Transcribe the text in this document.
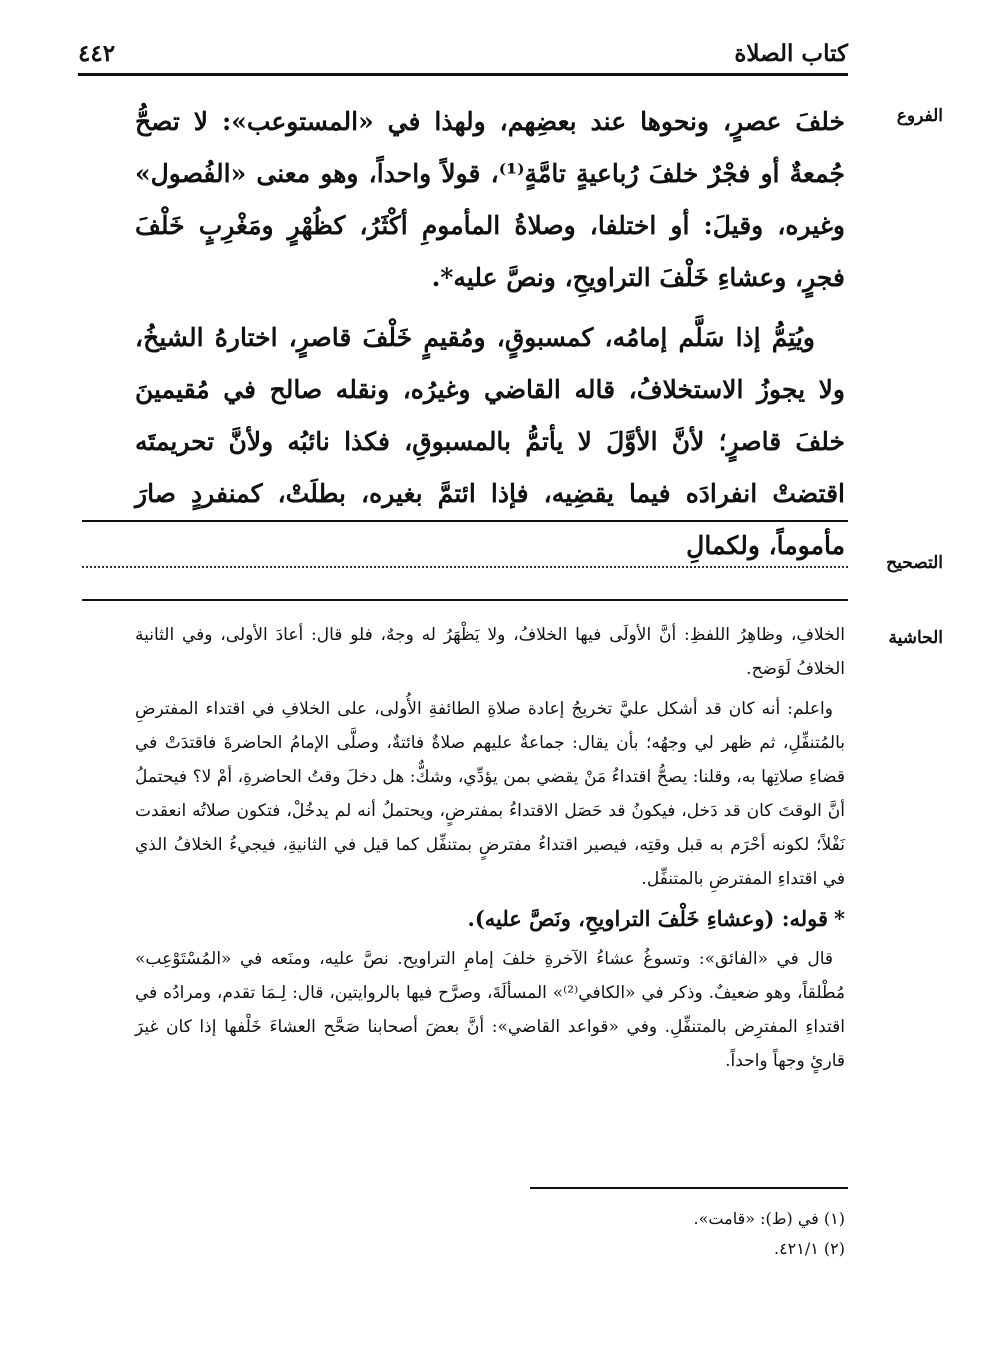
كتاب الصلاة
٤٤٢
الفروع
التصحيح
الحاشية

خلفَ عصرٍ، ونحوها عند بعضِهم، ولهذا في «المستوعب»: لا تصحُّ جُمعةٌ أو فجْرٌ خلفَ رُباعيةٍ تامَّةٍ⁽¹⁾، قولاً واحداً، وهو معنى «الفُصول» وغيره، وقيلَ: أو اختلفا، وصلاةُ المأمومِ أكْثَرُ، كظُهْرٍ ومَغْرِبٍ خَلْفَ فجرٍ، وعشاءِ خَلْفَ التراويحِ، ونصَّ عليه*.

ويُتِمُّ إذا سَلَّم إمامُه، كمسبوقٍ، ومُقيمٍ خَلْفَ قاصرٍ، اختارهُ الشيخُ، ولا يجوزُ الاستخلافُ، قاله القاضي وغيرُه، ونقله صالح في مُقيمينَ خلفَ قاصرٍ؛ لأنَّ الأوَّلَ لا يأتمُّ بالمسبوقِ، فكذا نائبُه ولأنَّ تحريمتَه اقتضتْ انفرادَه فيما يقضِيه، فإذا ائتمَّ بغيره، بطلَتْ، كمنفردٍ صارَ مأموماً، ولكمالِ

الخلافِ، وظاهِرُ اللفظِ: أنَّ الأولَى فيها الخلافُ، ولا يَظْهَرُ له وجهٌ، فلو قال: أعادَ الأولى، وفي الثانية الخلافُ لَوَضح.

واعلم: أنه كان قد أشكل عليَّ تخريجُ إعادة صلاةِ الطائفةِ الأُولى، على الخلافِ في اقتداء المفترضِ بالمُتنفِّلِ، ثم ظهر لي وجهُه؛ بأن يقال: جماعةٌ عليهم صلاةٌ فائتةٌ، وصلَّى الإمامُ الحاضرةَ فاقتدَتْ في قضاءِ صلاتِها به، وقلنا: يصحُّ اقتداءُ مَنْ يقضي بمن يؤدِّي، وشكٌّ: هل دخلَ وقتُ الحاضرةِ، أمْ لا؟ فيحتملُ أنَّ الوقتَ كان قد دَخل، فيكونُ قد حَصَل الاقتداءُ بمفترضٍ، ويحتملُ أنه لم يدخُلْ، فتكون صلاتُه انعقدت نَفْلاً؛ لكونه أحْرَم به قبل وقتِه، فيصير اقتداءُ مفترضٍ بمتنفِّل كما قيل في الثانيةِ، فيجيءُ الخلافُ الذي في اقتداءِ المفترضِ بالمتنفِّل.

*قوله: (وعشاءِ خَلْفَ التراويحِ، ونَصَّ عليه).

قال في «الفائق»: وتسوغُ عشاءُ الآخرةِ خلفَ إمامِ التراويح. نصَّ عليه، ومنَعه في «المُسْتَوْعِب» مُطْلقاً، وهو ضعيفٌ. وذكر في «الكافي⁽²⁾» المسألَةَ، وصرَّح فيها بالروايتين، قال: لِـمَا تقدم، ومرادُه في اقتداءِ المفترِض بالمتنفِّلِ. وفي «قواعد القاضي»: أنَّ بعضَ أصحابنا صَحَّح العشاءَ خَلْفها إذا كان غيرَ قارئٍ وجهاً واحداً.

(١) في (ط): «قامت».
(٢) ٤٢١/١.
